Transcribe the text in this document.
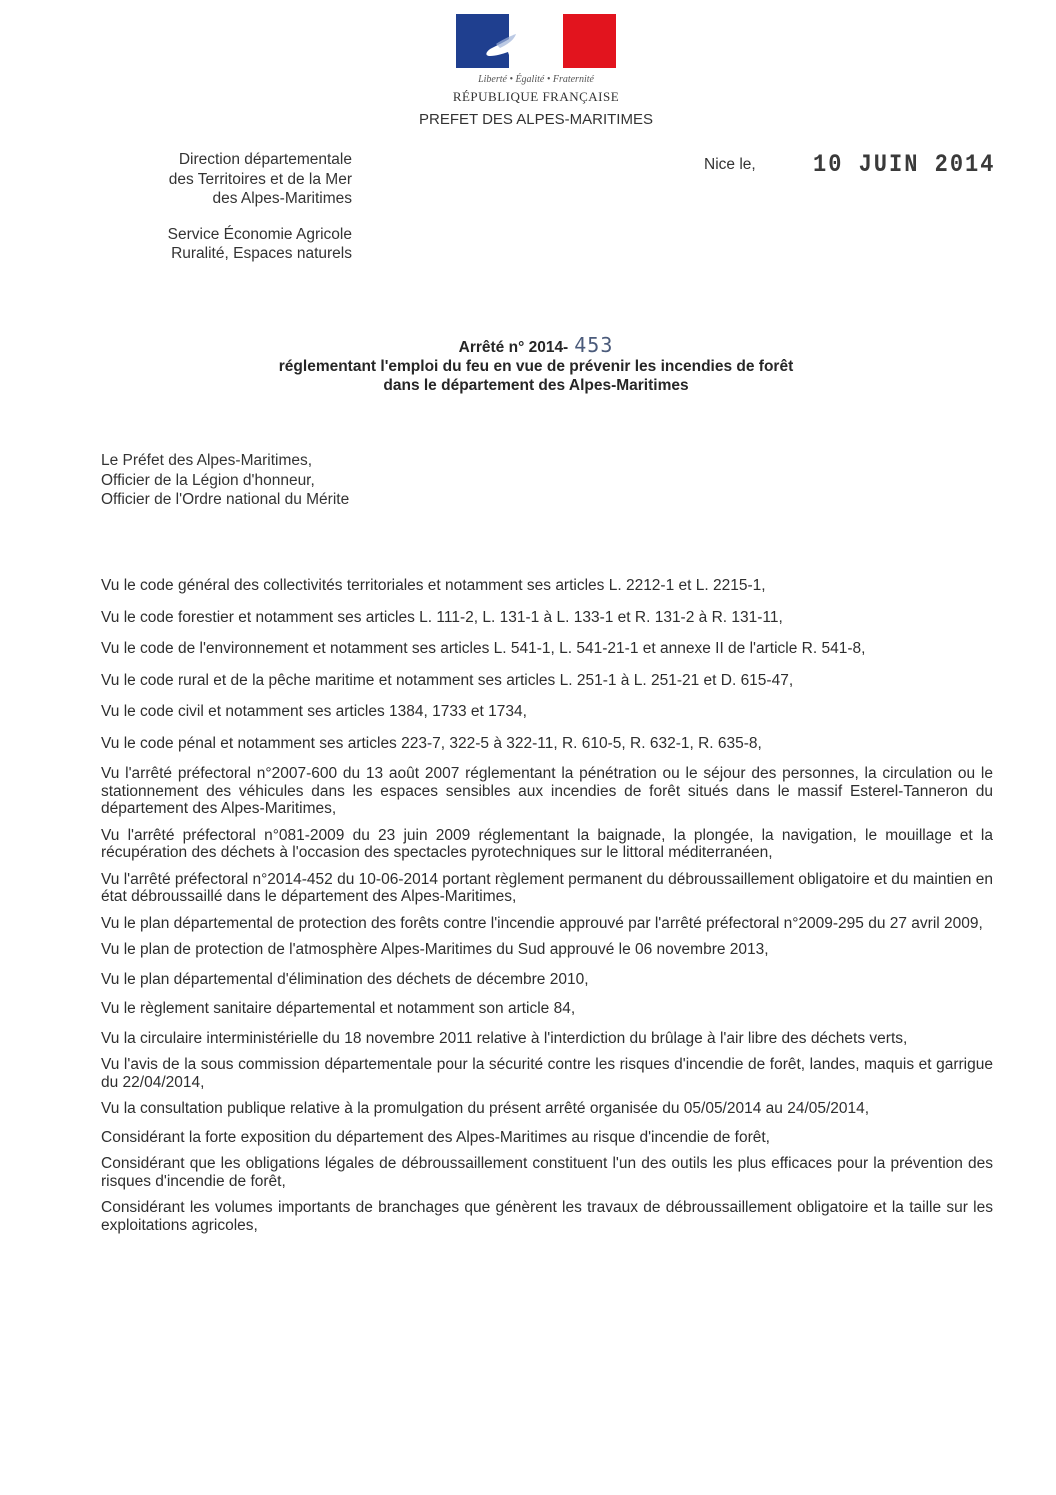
Liberté • Égalité • Fraternité
RÉPUBLIQUE FRANÇAISE
PREFET DES ALPES-MARITIMES
Direction départementale
des Territoires et de la Mer
des Alpes-Maritimes
Service Économie Agricole
Ruralité, Espaces naturels
Nice le,	10 JUIN 2014
Arrêté n° 2014- 453
réglementant l'emploi du feu en vue de prévenir les incendies de forêt
dans le département des Alpes-Maritimes
Le Préfet des Alpes-Maritimes,
Officier de la Légion d'honneur,
Officier de l'Ordre national du Mérite

Vu le code général des collectivités territoriales et notamment ses articles L. 2212-1 et L. 2215-1,

Vu le code forestier et notamment ses articles L. 111-2, L. 131-1 à L. 133-1 et R. 131-2 à R. 131-11,

Vu le code de l'environnement et notamment ses articles L. 541-1, L. 541-21-1 et annexe II de l'article R. 541-8,

Vu le code rural et de la pêche maritime et notamment ses articles L. 251-1 à L. 251-21 et D. 615-47,

Vu le code civil et notamment ses articles 1384, 1733 et 1734,

Vu le code pénal et notamment ses articles 223-7, 322-5 à 322-11, R. 610-5, R. 632-1, R. 635-8,

Vu l'arrêté préfectoral n°2007-600 du 13 août 2007 réglementant la pénétration ou le séjour des personnes, la circulation ou le stationnement des véhicules dans les espaces sensibles aux incendies de forêt situés dans le massif Esterel-Tanneron du département des Alpes-Maritimes,

Vu l'arrêté préfectoral n°081-2009 du 23 juin 2009 réglementant la baignade, la plongée, la navigation, le mouillage et la récupération des déchets à l'occasion des spectacles pyrotechniques sur le littoral méditerranéen,

Vu l'arrêté préfectoral n°2014-452 du 10-06-2014 portant règlement permanent du débroussaillement obligatoire et du maintien en état débroussaillé dans le département des Alpes-Maritimes,

Vu le plan départemental de protection des forêts contre l'incendie approuvé par l'arrêté préfectoral n°2009-295 du 27 avril 2009,

Vu le plan de protection de l'atmosphère Alpes-Maritimes du Sud approuvé le 06 novembre 2013,

Vu le plan départemental d'élimination des déchets de décembre 2010,

Vu le règlement sanitaire départemental et notamment son article 84,

Vu la circulaire interministérielle du 18 novembre 2011 relative à l'interdiction du brûlage à l'air libre des déchets verts,

Vu l'avis de la sous commission départementale pour la sécurité contre les risques d'incendie de forêt, landes, maquis et garrigue du 22/04/2014,

Vu la consultation publique relative à la promulgation du présent arrêté organisée du 05/05/2014 au 24/05/2014,

Considérant la forte exposition du département des Alpes-Maritimes au risque d'incendie de forêt,

Considérant que les obligations légales de débroussaillement constituent l'un des outils les plus efficaces pour la prévention des risques d'incendie de forêt,

Considérant les volumes importants de branchages que génèrent les travaux de débroussaillement obligatoire et la taille sur les exploitations agricoles,
